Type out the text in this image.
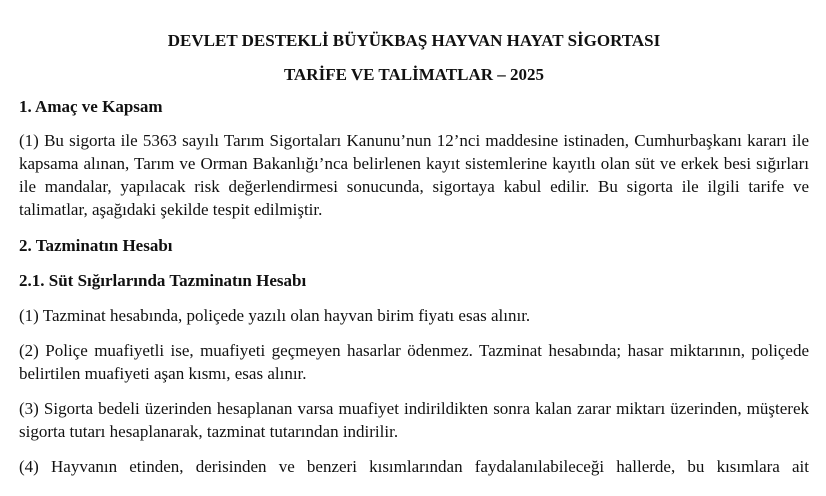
DEVLET DESTEKLİ BÜYÜKBAŞ HAYVAN HAYAT SİGORTASI

TARİFE VE TALİMATLAR – 2025

1. Amaç ve Kapsam

(1) Bu sigorta ile 5363 sayılı Tarım Sigortaları Kanunu’nun 12’nci maddesine istinaden, Cumhurbaşkanı kararı ile kapsama alınan, Tarım ve Orman Bakanlığı’nca belirlenen kayıt sistemlerine kayıtlı olan süt ve erkek besi sığırları ile mandalar, yapılacak risk değerlendirmesi sonucunda, sigortaya kabul edilir. Bu sigorta ile ilgili tarife ve talimatlar, aşağıdaki şekilde tespit edilmiştir.

2. Tazminatın Hesabı

2.1. Süt Sığırlarında Tazminatın Hesabı

(1) Tazminat hesabında, poliçede yazılı olan hayvan birim fiyatı esas alınır.

(2) Poliçe muafiyetli ise, muafiyeti geçmeyen hasarlar ödenmez. Tazminat hesabında; hasar miktarının, poliçede belirtilen muafiyeti aşan kısmı, esas alınır.

(3) Sigorta bedeli üzerinden hesaplanan varsa muafiyet indirildikten sonra kalan zarar miktarı üzerinden, müşterek sigorta tutarı hesaplanarak, tazminat tutarından indirilir.

(4) Hayvanın etinden, derisinden ve benzeri kısımlarından faydalanılabileceği hallerde, bu kısımlara ait
